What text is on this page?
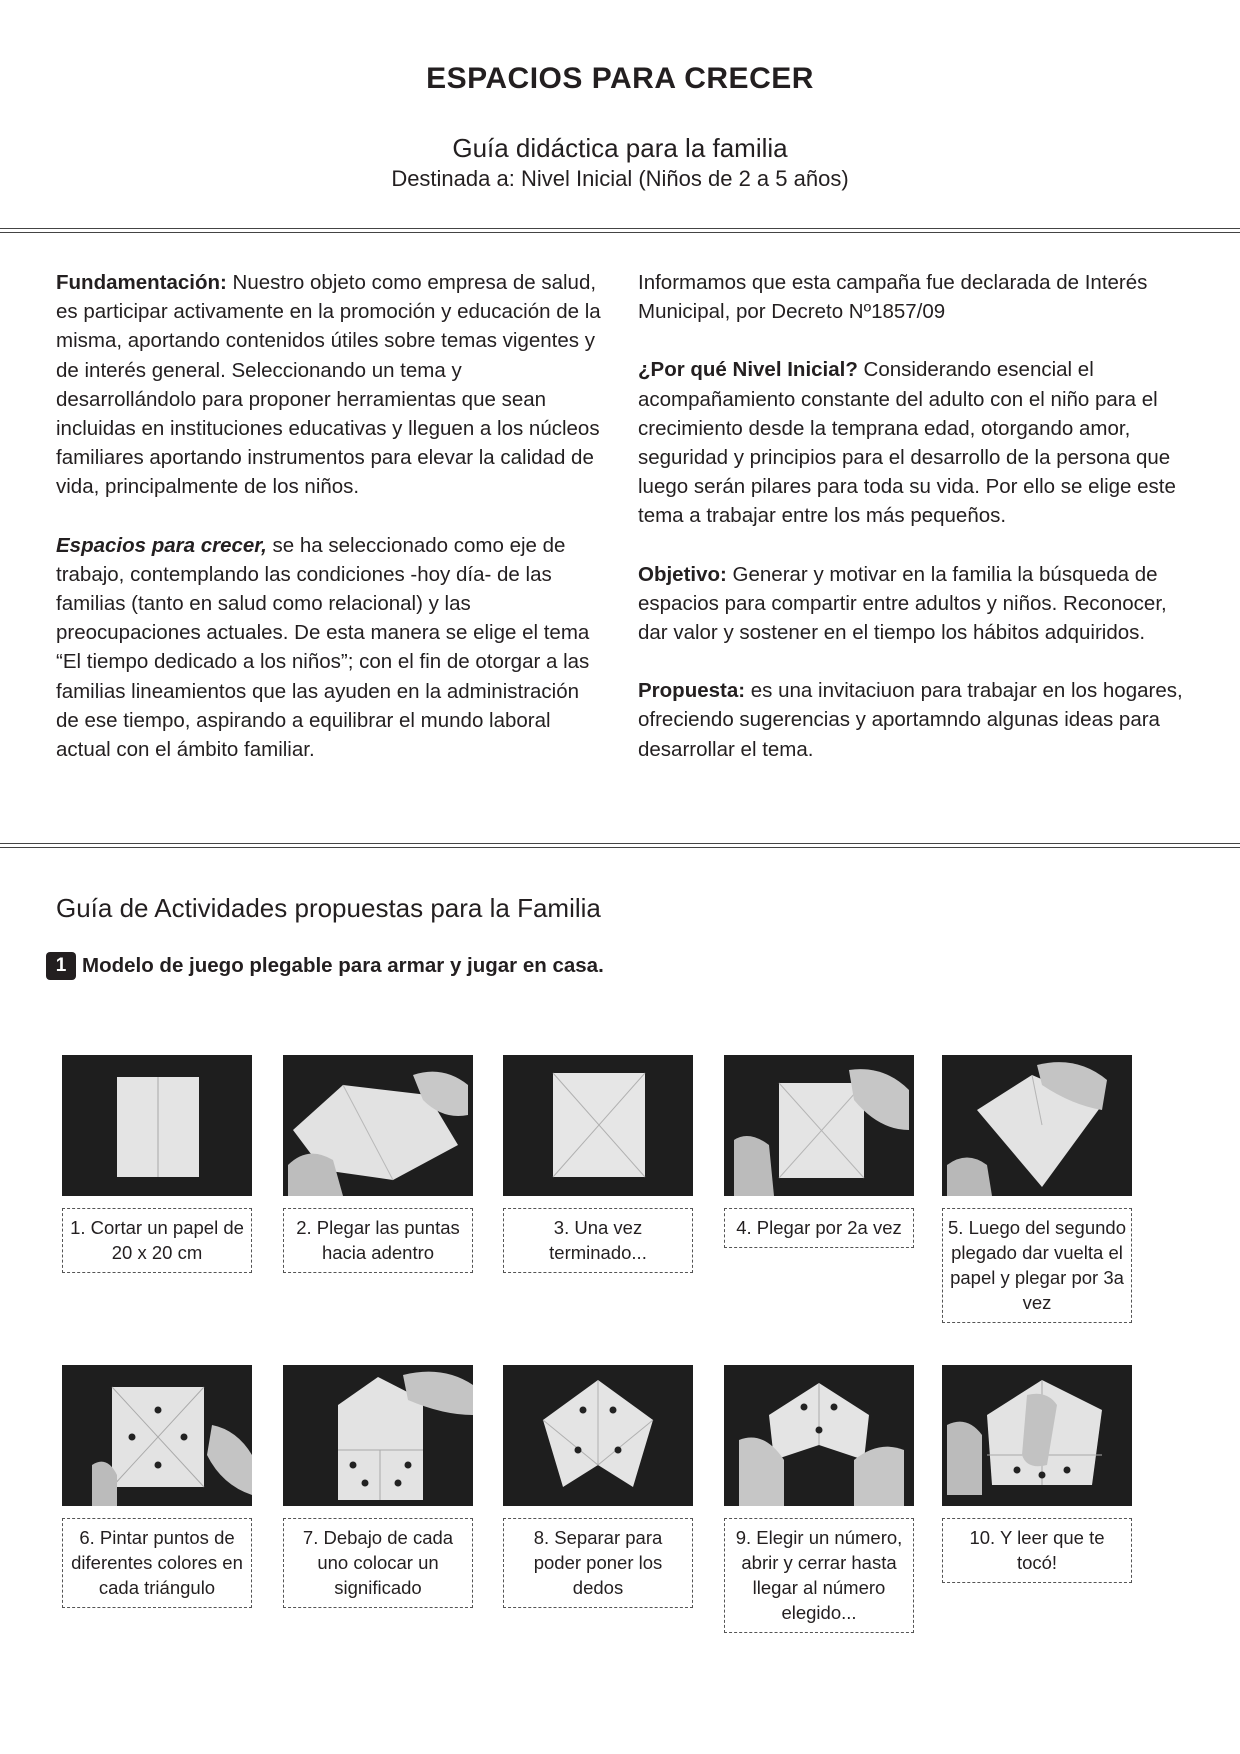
ESPACIOS PARA CRECER
Guía didáctica para la familia
Destinada a: Nivel Inicial (Niños de 2 a 5 años)

Fundamentación: Nuestro objeto como empresa de salud, es participar activamente en la promoción y educación de la misma, aportando contenidos útiles sobre temas vigentes y de interés general. Seleccionando un tema y desarrollándolo para proponer herramientas que sean incluidas en instituciones educativas y lleguen a los núcleos familiares aportando instrumentos para elevar la calidad de vida, principalmente de los niños.

Espacios para crecer, se ha seleccionado como eje de trabajo, contemplando las condiciones -hoy día- de las familias (tanto en salud como relacional) y las preocupaciones actuales. De esta manera se elige el tema “El tiempo dedicado a los niños”; con el fin de otorgar a las familias lineamientos que las ayuden en la administración de ese tiempo, aspirando a equilibrar el mundo laboral actual con el ámbito familiar.

Informamos que esta campaña fue declarada de Interés Municipal, por Decreto Nº1857/09

¿Por qué Nivel Inicial? Considerando esencial el acompañamiento constante del adulto con el niño para el crecimiento desde la temprana edad, otorgando amor, seguridad y principios para el desarrollo de la persona que luego serán pilares para toda su vida. Por ello se elige este tema a trabajar entre los más pequeños.

Objetivo: Generar y motivar en la familia la búsqueda de espacios para compartir entre adultos y niños. Reconocer, dar valor y sostener en el tiempo los hábitos adquiridos.

Propuesta: es una invitaciuon para trabajar en los hogares, ofreciendo sugerencias y aportamndo algunas ideas para desarrollar el tema.

Guía de Actividades propuestas para la Familia
1 Modelo de juego plegable para armar y jugar en casa.
1. Cortar un papel de 20 x 20 cm
2. Plegar las puntas hacia adentro
3. Una vez terminado...
4. Plegar por 2a vez	5. Luego del segundo plegado dar vuelta el papel y plegar por 3a vez
6. Pintar puntos de diferentes colores en cada triángulo
7. Debajo de cada uno colocar un significado
8. Separar para poder poner los dedos
9. Elegir un número, abrir y cerrar hasta llegar al número elegido...
10. Y leer que te tocó!
